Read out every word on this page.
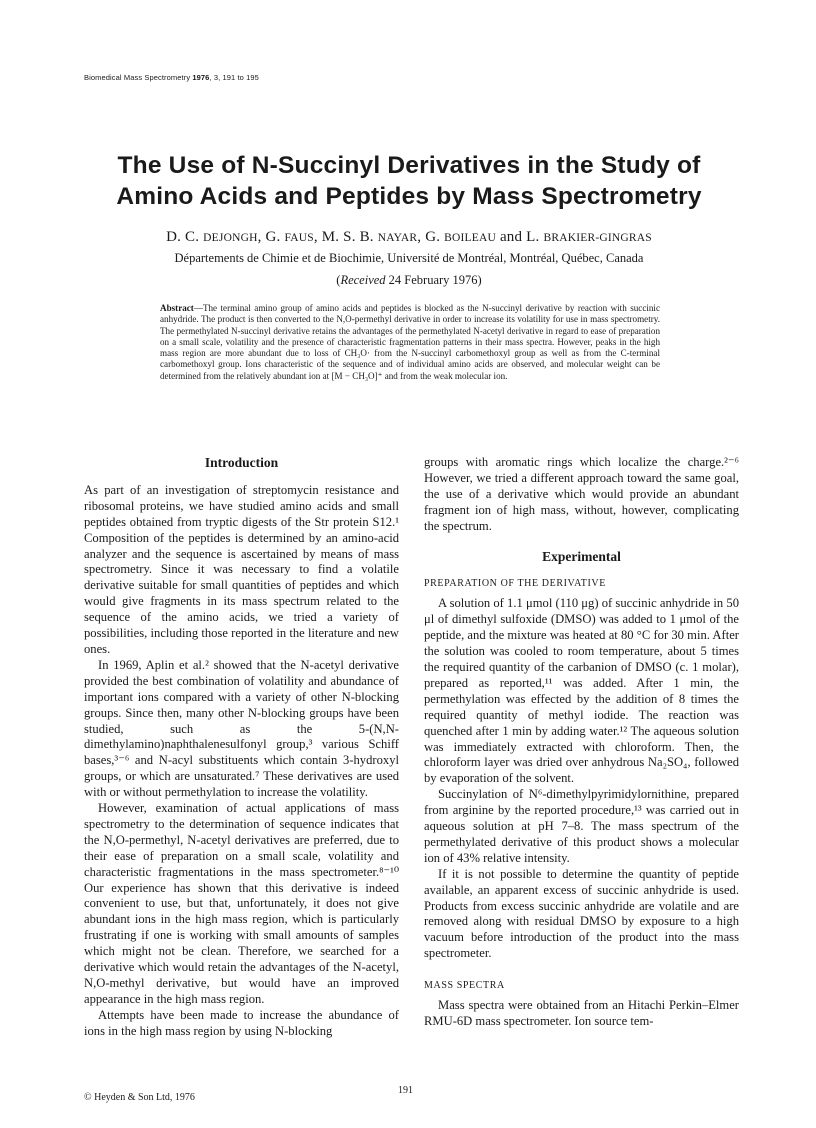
Biomedical Mass Spectrometry 1976, 3, 191 to 195
The Use of N-Succinyl Derivatives in the Study of
Amino Acids and Peptides by Mass Spectrometry
D. C. DEJONGH, G. FAUS, M. S. B. NAYAR, G. BOILEAU and L. BRAKIER-GINGRAS
Départements de Chimie et de Biochimie, Université de Montréal, Montréal, Québec, Canada
(Received 24 February 1976)
Abstract—The terminal amino group of amino acids and peptides is blocked as the N-succinyl derivative by reaction with succinic anhydride. The product is then converted to the N,O-permethyl derivative in order to increase its volatility for use in mass spectrometry. The permethylated N-succinyl derivative retains the advantages of the permethylated N-acetyl derivative in regard to ease of preparation on a small scale, volatility and the presence of characteristic fragmentation patterns in their mass spectra. However, peaks in the high mass region are more abundant due to loss of CH₃O· from the N-succinyl carbomethoxyl group as well as from the C-terminal carbomethoxyl group. Ions characteristic of the sequence and of individual amino acids are observed, and molecular weight can be determined from the relatively abundant ion at [M − CH₃O]⁺ and from the weak molecular ion.
Introduction

As part of an investigation of streptomycin resistance and ribosomal proteins, we have studied amino acids and small peptides obtained from tryptic digests of the Str protein S12.¹ Composition of the peptides is determined by an amino-acid analyzer and the sequence is ascertained by means of mass spectrometry. Since it was necessary to find a volatile derivative suitable for small quantities of peptides and which would give fragments in its mass spectrum related to the sequence of the amino acids, we tried a variety of possibilities, including those reported in the literature and new ones.

In 1969, Aplin et al.² showed that the N-acetyl derivative provided the best combination of volatility and abundance of important ions compared with a variety of other N-blocking groups. Since then, many other N-blocking groups have been studied, such as the 5-(N,N-dimethylamino)naphthalenesulfonyl group,³ various Schiff bases,³⁻⁶ and N-acyl substituents which contain 3-hydroxyl groups, or which are unsaturated.⁷ These derivatives are used with or without permethylation to increase the volatility.

However, examination of actual applications of mass spectrometry to the determination of sequence indicates that the N,O-permethyl, N-acetyl derivatives are preferred, due to their ease of preparation on a small scale, volatility and characteristic fragmentations in the mass spectrometer.⁸⁻¹⁰ Our experience has shown that this derivative is indeed convenient to use, but that, unfortunately, it does not give abundant ions in the high mass region, which is particularly frustrating if one is working with small amounts of samples which might not be clean. Therefore, we searched for a derivative which would retain the advantages of the N-acetyl, N,O-methyl derivative, but would have an improved appearance in the high mass region.

Attempts have been made to increase the abundance of ions in the high mass region by using N-blocking

groups with aromatic rings which localize the charge.²⁻⁶ However, we tried a different approach toward the same goal, the use of a derivative which would provide an abundant fragment ion of high mass, without, however, complicating the spectrum.

Experimental
PREPARATION OF THE DERIVATIVE

A solution of 1.1 μmol (110 μg) of succinic anhydride in 50 μl of dimethyl sulfoxide (DMSO) was added to 1 μmol of the peptide, and the mixture was heated at 80 °C for 30 min. After the solution was cooled to room temperature, about 5 times the required quantity of the carbanion of DMSO (c. 1 molar), prepared as reported,¹¹ was added. After 1 min, the permethylation was effected by the addition of 8 times the required quantity of methyl iodide. The reaction was quenched after 1 min by adding water.¹² The aqueous solution was immediately extracted with chloroform. Then, the chloroform layer was dried over anhydrous Na₂SO₄, followed by evaporation of the solvent.

Succinylation of N⁶-dimethylpyrimidylornithine, prepared from arginine by the reported procedure,¹³ was carried out in aqueous solution at pH 7–8. The mass spectrum of the permethylated derivative of this product shows a molecular ion of 43% relative intensity.

If it is not possible to determine the quantity of peptide available, an apparent excess of succinic anhydride is used. Products from excess succinic anhydride are volatile and are removed along with residual DMSO by exposure to a high vacuum before introduction of the product into the mass spectrometer.

MASS SPECTRA

Mass spectra were obtained from an Hitachi Perkin–Elmer RMU-6D mass spectrometer. Ion source tem-

191
© Heyden & Son Ltd, 1976
